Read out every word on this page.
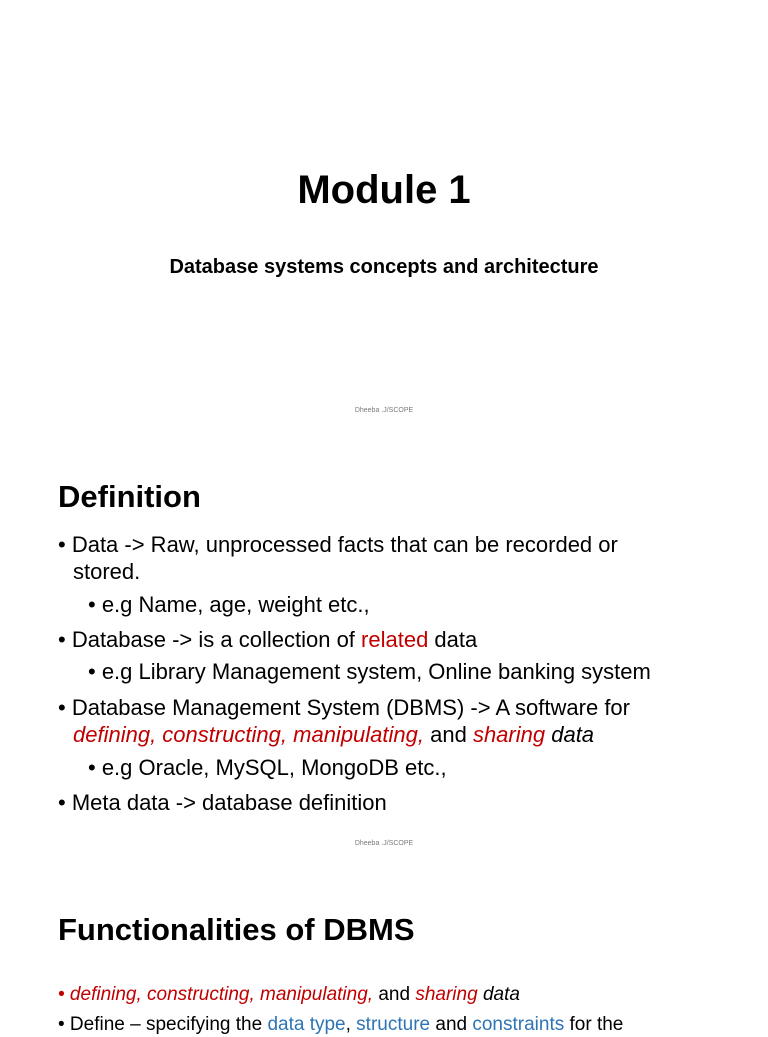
Module 1
Database systems concepts and architecture
Dheeba .J/SCOPE
Definition
• Data -> Raw, unprocessed facts that can be recorded or
stored.
• e.g Name, age, weight etc.,
• Database -> is a collection of related data
• e.g Library Management system, Online banking system
• Database Management System (DBMS) -> A software for
defining, constructing, manipulating, and sharing data
• e.g Oracle, MySQL, MongoDB etc.,
• Meta data -> database definition
Dheeba .J/SCOPE
Functionalities of DBMS
• defining, constructing, manipulating, and sharing data
• Define – specifying the data type, structure and constraints for the
